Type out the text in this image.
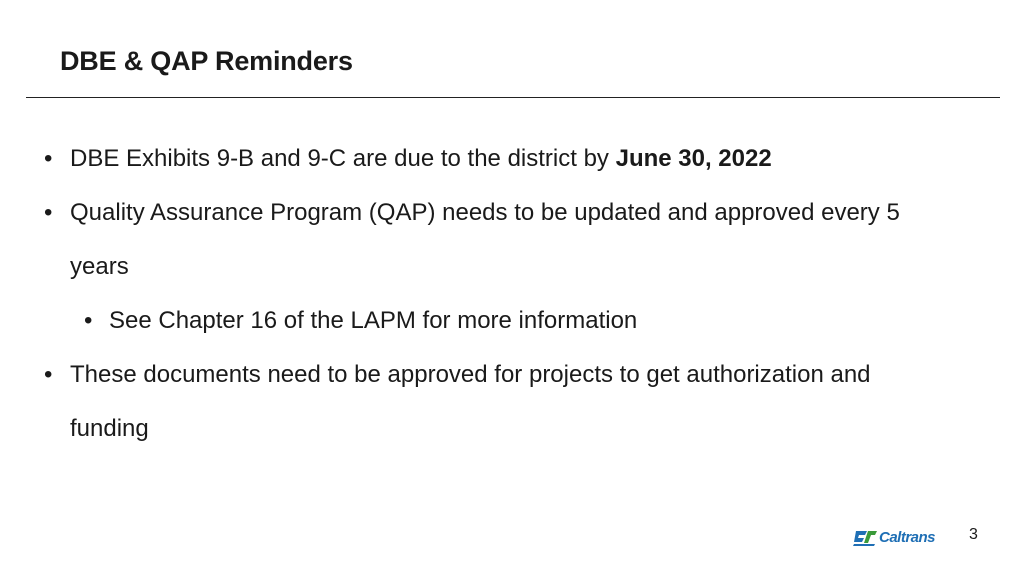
DBE & QAP Reminders
• DBE Exhibits 9-B and 9-C are due to the district by June 30, 2022
• Quality Assurance Program (QAP) needs to be updated and approved every 5 years
• See Chapter 16 of the LAPM for more information
• These documents need to be approved for projects to get authorization and funding
Caltrans 3
